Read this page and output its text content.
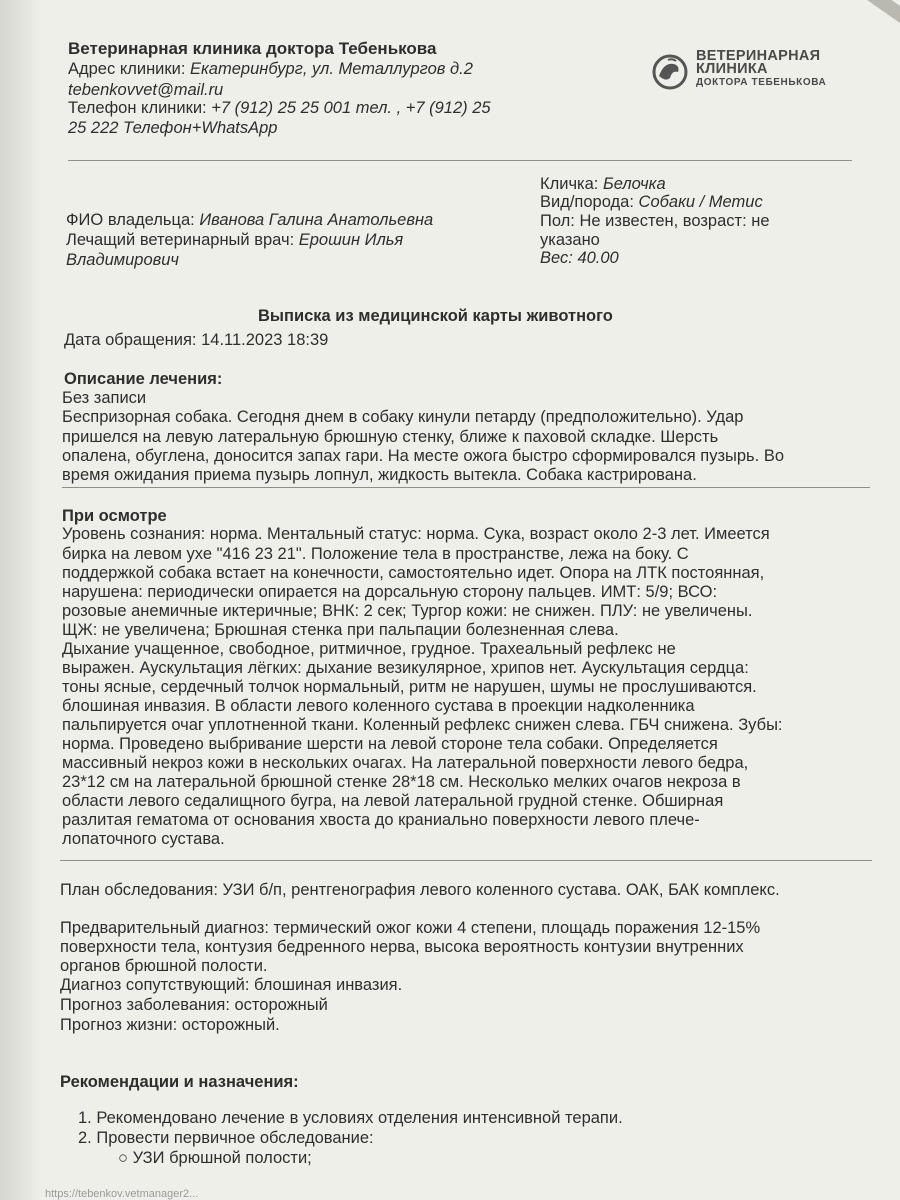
Ветеринарная клиника доктора Тебенькова
Адрес клиники: Екатеринбург, ул. Металлургов д.2
tebenkovvet@mail.ru
Телефон клиники: +7 (912) 25 25 001 тел. , +7 (912) 25
25 222 Телефон+WhatsApp
ВЕТЕРИНАРНАЯ
КЛИНИКА
ДОКТОРА ТЕБЕНЬКОВА
Кличка: Белочка
Вид/порода: Собаки / Метис
Пол: Не известен, возраст: не
указано
Вес: 40.00
ФИО владельца: Иванова Галина Анатольевна
Лечащий ветеринарный врач: Ерошин Илья
Владимирович
Выписка из медицинской карты животного
Дата обращения: 14.11.2023 18:39
Описание лечения:
Без записи
Беспризорная собака. Сегодня днем в собаку кинули петарду (предположительно). Удар
пришелся на левую латеральную брюшную стенку, ближе к паховой складке. Шерсть
опалена, обуглена, доносится запах гари. На месте ожога быстро сформировался пузырь. Во
время ожидания приема пузырь лопнул, жидкость вытекла. Собака кастрирована.
При осмотре
Уровень сознания: норма. Ментальный статус: норма. Сука, возраст около 2-3 лет. Имеется
бирка на левом ухе "416 23 21". Положение тела в пространстве, лежа на боку. С
поддержкой собака встает на конечности, самостоятельно идет. Опора на ЛТК постоянная,
нарушена: периодически опирается на дорсальную сторону пальцев. ИМТ: 5/9; ВСО:
розовые анемичные иктеричные; ВНК: 2 сек; Тургор кожи: не снижен. ПЛУ: не увеличены.
ЩЖ: не увеличена; Брюшная стенка при пальпации болезненная слева.
Дыхание учащенное, свободное, ритмичное, грудное. Трахеальный рефлекс не
выражен. Аускультация лёгких: дыхание везикулярное, хрипов нет. Аускультация сердца:
тоны ясные, сердечный толчок нормальный, ритм не нарушен, шумы не прослушиваются.
блошиная инвазия. В области левого коленного сустава в проекции надколенника
пальпируется очаг уплотненной ткани. Коленный рефлекс снижен слева. ГБЧ снижена. Зубы:
норма. Проведено выбривание шерсти на левой стороне тела собаки. Определяется
массивный некроз кожи в нескольких очагах. На латеральной поверхности левого бедра,
23*12 см на латеральной брюшной стенке 28*18 см. Несколько мелких очагов некроза в
области левого седалищного бугра, на левой латеральной грудной стенке. Обширная
разлитая гематома от основания хвоста до краниально поверхности левого плече-
лопаточного сустава.
План обследования: УЗИ б/п, рентгенография левого коленного сустава. ОАК, БАК комплекс.
Предварительный диагноз: термический ожог кожи 4 степени, площадь поражения 12-15%
поверхности тела, контузия бедренного нерва, высока вероятность контузии внутренних
органов брюшной полости.
Диагноз сопутствующий: блошиная инвазия.
Прогноз заболевания: осторожный
Прогноз жизни: осторожный.
Рекомендации и назначения:
1. Рекомендовано лечение в условиях отделения интенсивной терапи.
2. Провести первичное обследование:
○ УЗИ брюшной полости;
https://tebenkov.vetmanager2...
